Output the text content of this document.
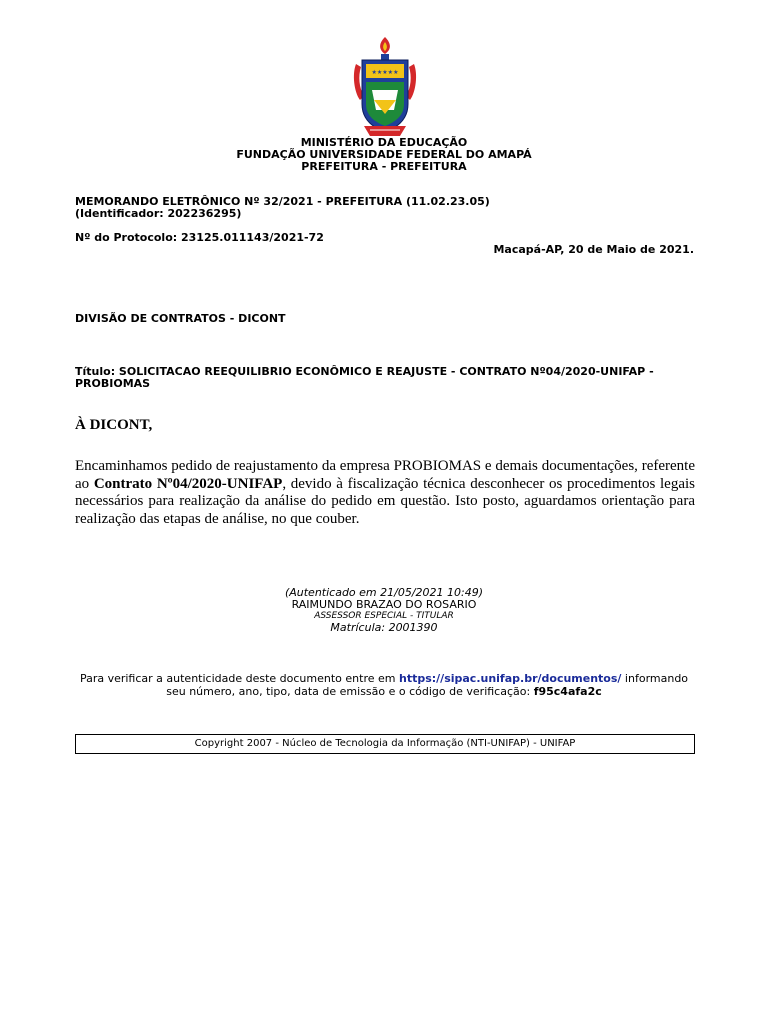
★★★★★
MINISTÉRIO DA EDUCAÇÃO
FUNDAÇÃO UNIVERSIDADE FEDERAL DO AMAPÁ
PREFEITURA - PREFEITURA
MEMORANDO ELETRÔNICO Nº 32/2021 - PREFEITURA (11.02.23.05)
(Identificador: 202236295)
Nº do Protocolo: 23125.011143/2021-72
Macapá-AP, 20 de Maio de 2021.
DIVISÃO DE CONTRATOS - DICONT
Título: SOLICITACAO REEQUILIBRIO ECONÔMICO E REAJUSTE - CONTRATO Nº04/2020-UNIFAP -
PROBIOMAS
À DICONT,
Encaminhamos pedido de reajustamento da empresa PROBIOMAS e demais documentações, referente ao Contrato Nº04/2020-UNIFAP, devido à fiscalização técnica desconhecer os procedimentos legais necessários para realização da análise do pedido em questão. Isto posto, aguardamos orientação para realização das etapas de análise, no que couber.
(Autenticado em 21/05/2021 10:49)
RAIMUNDO BRAZAO DO ROSARIO
ASSESSOR ESPECIAL - TITULAR
Matrícula: 2001390
Para verificar a autenticidade deste documento entre em https://sipac.unifap.br/documentos/ informando
seu número, ano, tipo, data de emissão e o código de verificação: f95c4afa2c
Copyright 2007 - Núcleo de Tecnologia da Informação (NTI-UNIFAP) - UNIFAP
